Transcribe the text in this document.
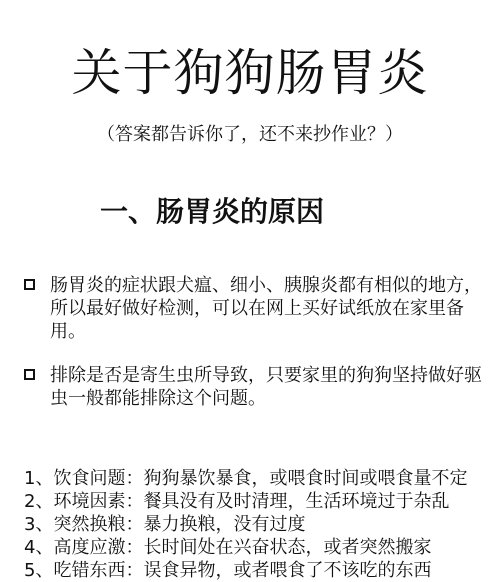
关于狗狗肠胃炎
（答案都告诉你了，还不来抄作业？）
一、肠胃炎的原因
肠胃炎的症状跟犬瘟、细小、胰腺炎都有相似的地方，所以最好做好检测，可以在网上买好试纸放在家里备用。
排除是否是寄生虫所导致，只要家里的狗狗坚持做好驱虫一般都能排除这个问题。
1、饮食问题：狗狗暴饮暴食，或喂食时间或喂食量不定
2、环境因素：餐具没有及时清理，生活环境过于杂乱
3、突然换粮：暴力换粮，没有过度
4、高度应激：长时间处在兴奋状态，或者突然搬家
5、吃错东西：误食异物，或者喂食了不该吃的东西
